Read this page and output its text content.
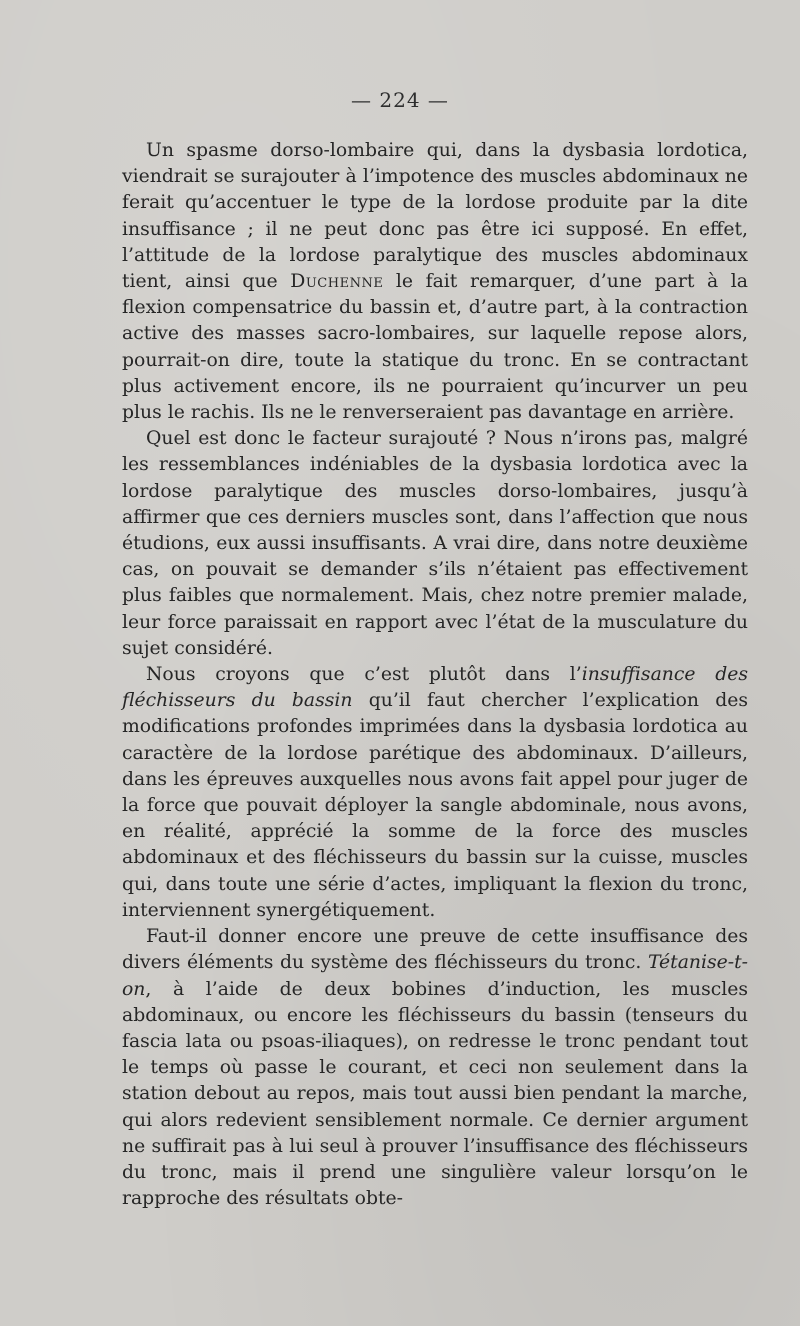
— 224 —

Un spasme dorso-lombaire qui, dans la dysbasia lordotica, viendrait se surajouter à l’impotence des muscles abdominaux ne ferait qu’accentuer le type de la lordose produite par la dite insuffisance ; il ne peut donc pas être ici supposé. En effet, l’attitude de la lordose paralytique des muscles abdominaux tient, ainsi que Duchenne le fait remarquer, d’une part à la flexion compensatrice du bassin et, d’autre part, à la contraction active des masses sacro-lombaires, sur laquelle repose alors, pourrait-on dire, toute la statique du tronc. En se contractant plus activement encore, ils ne pourraient qu’incurver un peu plus le rachis. Ils ne le renverseraient pas davantage en arrière.

Quel est donc le facteur surajouté ? Nous n’irons pas, malgré les ressemblances indéniables de la dysbasia lordotica avec la lordose paralytique des muscles dorso-lombaires, jusqu’à affirmer que ces derniers muscles sont, dans l’affection que nous étudions, eux aussi insuffisants. A vrai dire, dans notre deuxième cas, on pouvait se demander s’ils n’étaient pas effectivement plus faibles que normalement. Mais, chez notre premier malade, leur force paraissait en rapport avec l’état de la musculature du sujet considéré.

Nous croyons que c’est plutôt dans l’insuffisance des fléchisseurs du bassin qu’il faut chercher l’explication des modifications profondes imprimées dans la dysbasia lordotica au caractère de la lordose parétique des abdominaux. D’ailleurs, dans les épreuves auxquelles nous avons fait appel pour juger de la force que pouvait déployer la sangle abdominale, nous avons, en réalité, apprécié la somme de la force des muscles abdominaux et des fléchisseurs du bassin sur la cuisse, muscles qui, dans toute une série d’actes, impliquant la flexion du tronc, interviennent synergétiquement.

Faut-il donner encore une preuve de cette insuffisance des divers éléments du système des fléchisseurs du tronc. Tétanise-t-on, à l’aide de deux bobines d’induction, les muscles abdominaux, ou encore les fléchisseurs du bassin (tenseurs du fascia lata ou psoas-iliaques), on redresse le tronc pendant tout le temps où passe le courant, et ceci non seulement dans la station debout au repos, mais tout aussi bien pendant la marche, qui alors redevient sensiblement normale. Ce dernier argument ne suffirait pas à lui seul à prouver l’insuffisance des fléchisseurs du tronc, mais il prend une singulière valeur lorsqu’on le rapproche des résultats obte-
